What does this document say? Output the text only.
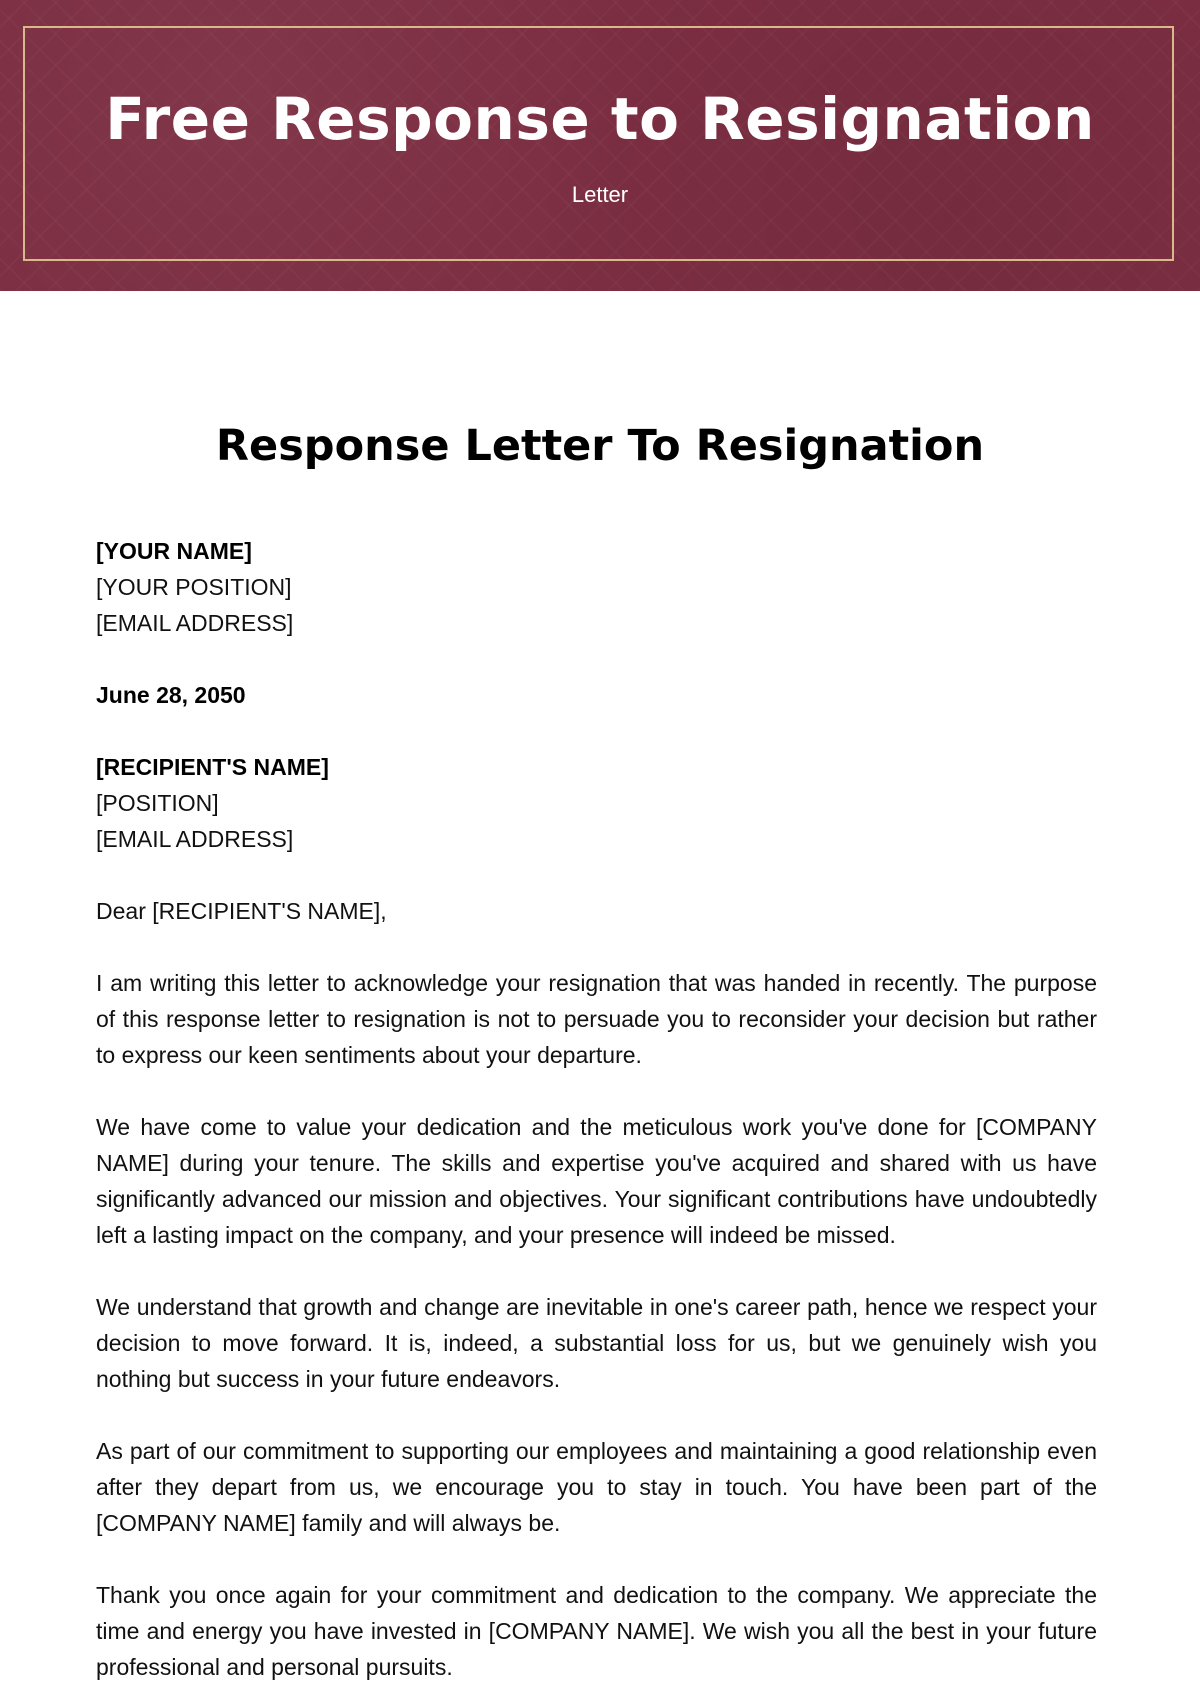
Free Response to Resignation
Letter
Response Letter To Resignation
[YOUR NAME]
[YOUR POSITION]
[EMAIL ADDRESS]
June 28, 2050
[RECIPIENT'S NAME]
[POSITION]
[EMAIL ADDRESS]
Dear [RECIPIENT'S NAME],

I am writing this letter to acknowledge your resignation that was handed in recently. The purpose of this response letter to resignation is not to persuade you to reconsider your decision but rather to express our keen sentiments about your departure.

We have come to value your dedication and the meticulous work you've done for [COMPANY NAME] during your tenure. The skills and expertise you've acquired and shared with us have significantly advanced our mission and objectives. Your significant contributions have undoubtedly left a lasting impact on the company, and your presence will indeed be missed.

We understand that growth and change are inevitable in one's career path, hence we respect your decision to move forward. It is, indeed, a substantial loss for us, but we genuinely wish you nothing but success in your future endeavors.

As part of our commitment to supporting our employees and maintaining a good relationship even after they depart from us, we encourage you to stay in touch. You have been part of the [COMPANY NAME] family and will always be.

Thank you once again for your commitment and dedication to the company. We appreciate the time and energy you have invested in [COMPANY NAME]. We wish you all the best in your future professional and personal pursuits.
